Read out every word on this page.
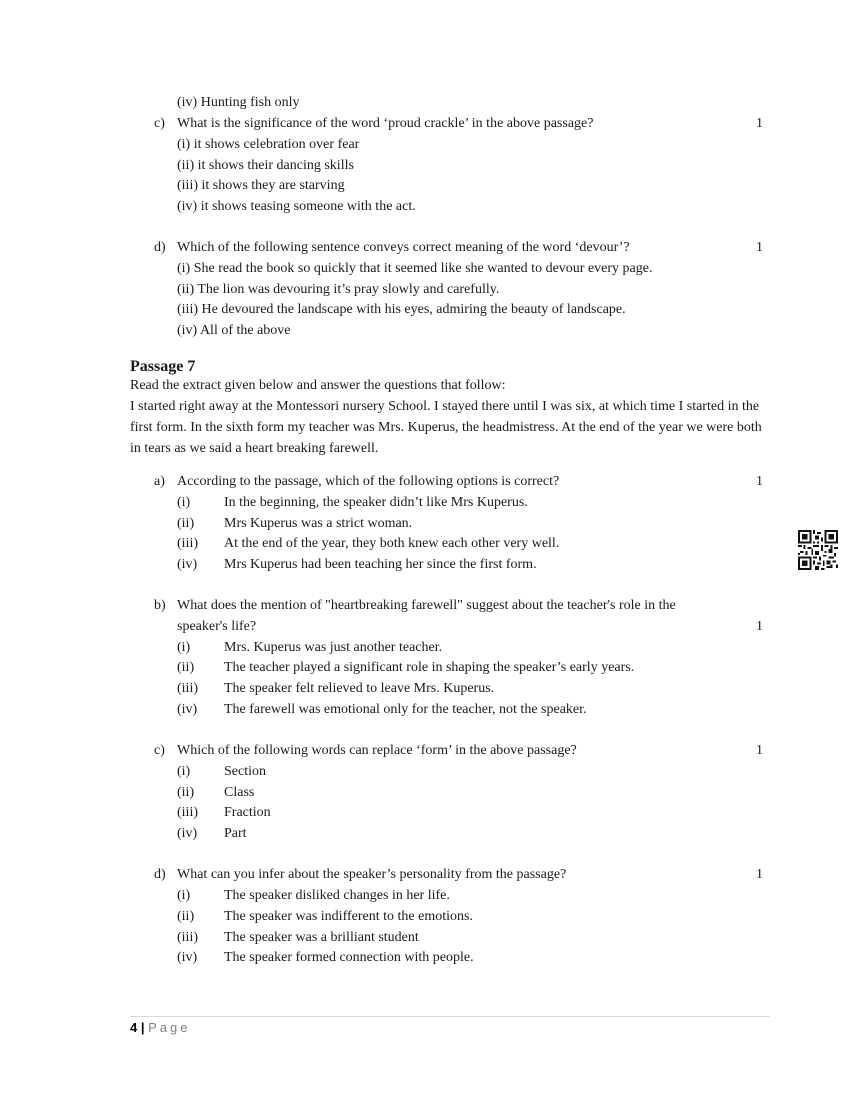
(iv) Hunting fish only
c) What is the significance of the word ‘proud crackle’ in the above passage?	1
(i) it shows celebration over fear
(ii) it shows their dancing skills
(iii) it shows they are starving
(iv) it shows teasing someone with the act.
d) Which of the following sentence conveys correct meaning of the word ‘devour’?	1
(i) She read the book so quickly that it seemed like she wanted to devour every page.
(ii) The lion was devouring it’s pray slowly and carefully.
(iii) He devoured the landscape with his eyes, admiring the beauty of landscape.
(iv) All of the above
Passage 7
Read the extract given below and answer the questions that follow:
I started right away at the Montessori nursery School. I stayed there until I was six, at which time I started in the first form. In the sixth form my teacher was Mrs. Kuperus, the headmistress. At the end of the year we were both in tears as we said a heart breaking farewell.
a) According to the passage, which of the following options is correct?	1
(i) In the beginning, the speaker didn’t like Mrs Kuperus.
(ii) Mrs Kuperus was a strict woman.
(iii) At the end of the year, they both knew each other very well.
(iv) Mrs Kuperus had been teaching her since the first form.
b) What does the mention of "heartbreaking farewell" suggest about the teacher's role in the
speaker's life?	1
(i) Mrs. Kuperus was just another teacher.
(ii) The teacher played a significant role in shaping the speaker’s early years.
(iii) The speaker felt relieved to leave Mrs. Kuperus.
(iv) The farewell was emotional only for the teacher, not the speaker.
c) Which of the following words can replace ‘form’ in the above passage?	1
(i) Section
(ii) Class
(iii) Fraction
(iv) Part
d) What can you infer about the speaker’s personality from the passage?	1
(i) The speaker disliked changes in her life.
(ii) The speaker was indifferent to the emotions.
(iii) The speaker was a brilliant student
(iv) The speaker formed connection with people.
4 | Page
